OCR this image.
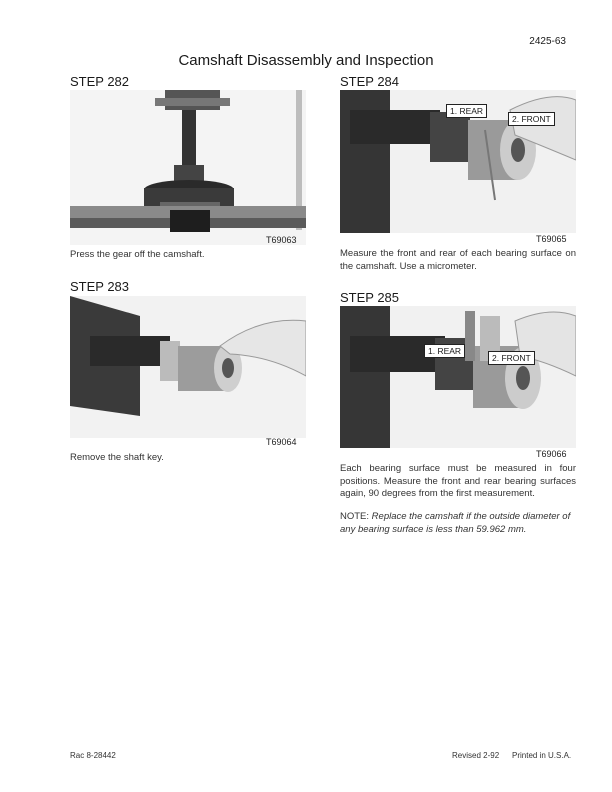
2425-63
Camshaft Disassembly and Inspection
STEP 282
T69063
Press the gear off the camshaft.
STEP 283
T69064
Remove the shaft key.
STEP 284
1. REAR
2. FRONT
T69065
Measure the front and rear of each bearing surface on the camshaft. Use a micrometer.
STEP 285
1. REAR
2. FRONT
T69066
Each bearing surface must be measured in four positions. Measure the front and rear bearing surfaces again, 90 degrees from the first measurement.
NOTE: Replace the camshaft if the outside diameter of any bearing surface is less than 59.962 mm.
Rac 8-28442	Revised 2-92 Printed in U.S.A.
